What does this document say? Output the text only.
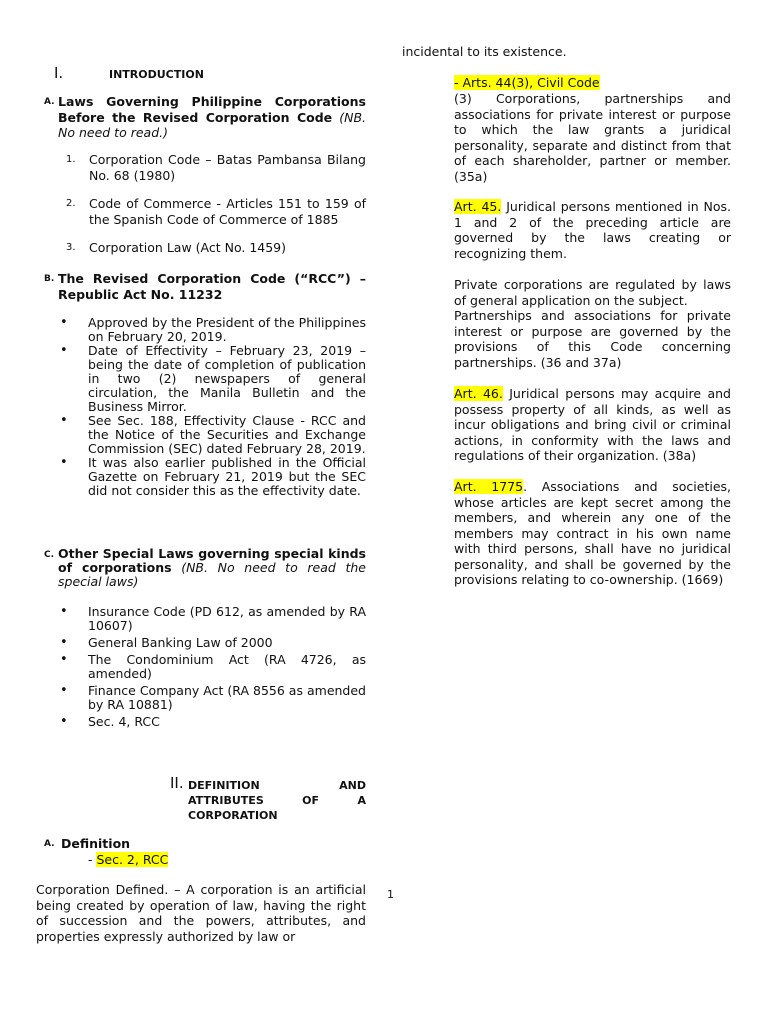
I.	INTRODUCTION
A. Laws Governing Philippine Corporations Before the Revised Corporation Code (NB. No need to read.)

1. Corporation Code – Batas Pambansa Bilang No. 68 (1980)
2. Code of Commerce - Articles 151 to 159 of the Spanish Code of Commerce of 1885
3. Corporation Law (Act No. 1459)
B. The Revised Corporation Code (“RCC”) – Republic Act No. 11232

• Approved by the President of the Philippines on February 20, 2019.
• Date of Effectivity – February 23, 2019 – being the date of completion of publication in two (2) newspapers of general circulation, the Manila Bulletin and the Business Mirror.
• See Sec. 188, Effectivity Clause - RCC and the Notice of the Securities and Exchange Commission (SEC) dated February 28, 2019.
• It was also earlier published in the Official Gazette on February 21, 2019 but the SEC did not consider this as the effectivity date.
C. Other Special Laws governing special kinds of corporations (NB. No need to read the special laws)

• Insurance Code (PD 612, as amended by RA 10607)
• General Banking Law of 2000
• The Condominium Act (RA 4726, as amended)
• Finance Company Act (RA 8556 as amended by RA 10881)
• Sec. 4, RCC
II. DEFINITION	AND
ATTRIBUTES	OF	A
CORPORATION
A. Definition
- Sec. 2, RCC

Corporation Defined. – A corporation is an artificial being created by operation of law, having the right of succession and the powers, attributes, and properties expressly authorized by law or

incidental to its existence.
- Arts. 44(3), Civil Code

(3) Corporations, partnerships and associations for private interest or purpose to which the law grants a juridical personality, separate and distinct from that of each shareholder, partner or member. (35a)

Art. 45. Juridical persons mentioned in Nos. 1 and 2 of the preceding article are governed by the laws creating or recognizing them.

Private corporations are regulated by laws of general application on the subject.

Partnerships and associations for private interest or purpose are governed by the provisions of this Code concerning partnerships. (36 and 37a)

Art. 46. Juridical persons may acquire and possess property of all kinds, as well as incur obligations and bring civil or criminal actions, in conformity with the laws and regulations of their organization. (38a)

Art. 1775. Associations and societies, whose articles are kept secret among the members, and wherein any one of the members may contract in his own name with third persons, shall have no juridical personality, and shall be governed by the provisions relating to co-ownership. (1669)

1
